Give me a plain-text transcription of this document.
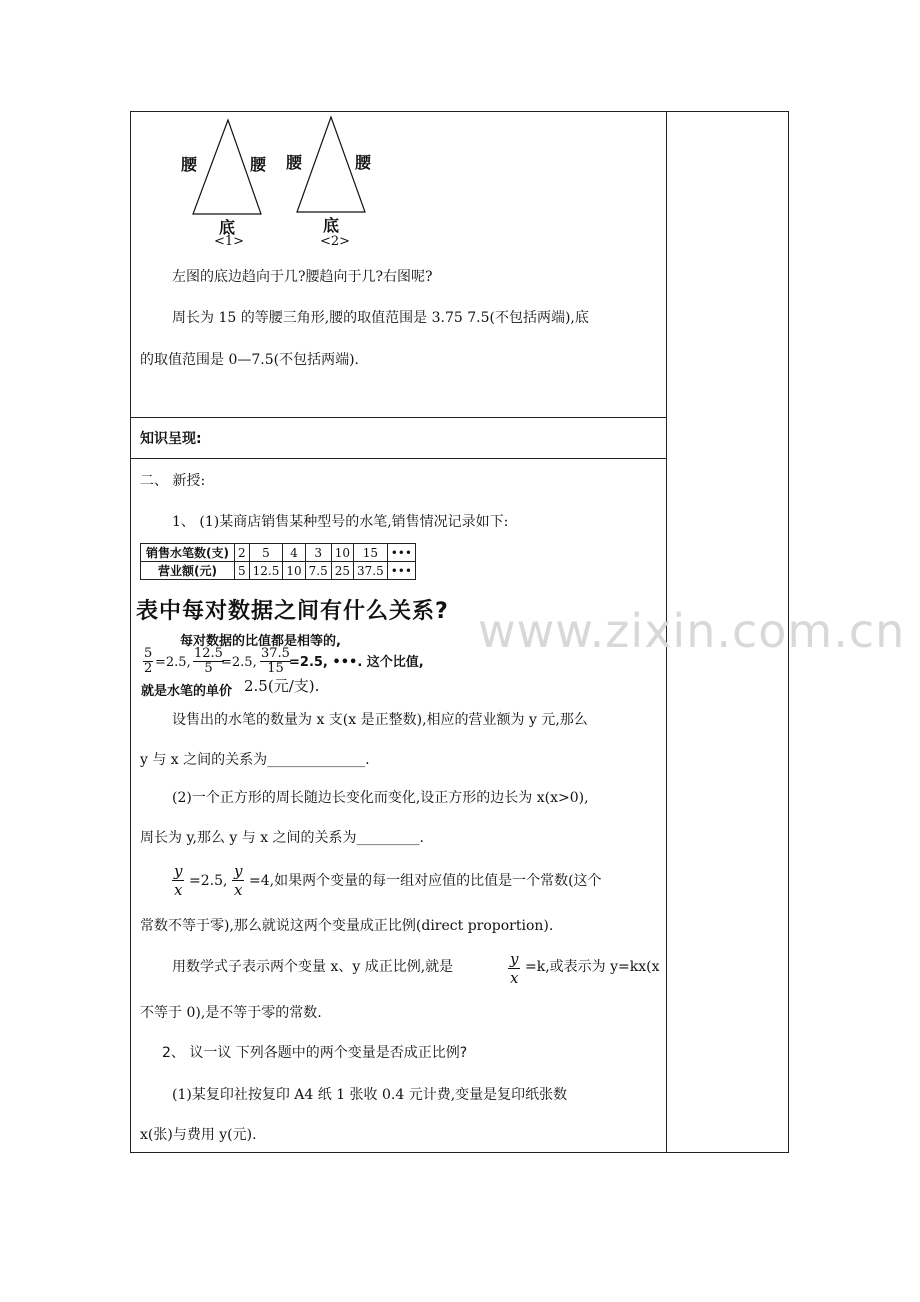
腰	腰
底
<1>
腰	腰
底
<2>
左图的底边趋向于几?腰趋向于几?右图呢?
周长为 15 的等腰三角形,腰的取值范围是 3.75 7.5(不包括两端),底
的取值范围是 0—7.5(不包括两端).
知识呈现:
二、 新授:
1、 (1)某商店销售某种型号的水笔,销售情况记录如下:
销售水笔数(支)	2	5	4	3	10	15	•••
营业额(元)	5	12.5	10	7.5	25	37.5	•••
表中每对数据之间有什么关系? www.zixin.com.cn
每对数据的比值都是相等的,
$\frac{5}{2} =2.5$, $\frac{12.5}{5}$
=2.5, $\frac{37.5}{15}$
=2.5, •••. 这个比值,
就是水笔的单价 2.5(元/支).
设售出的水笔的数量为 x 支(x 是正整数),相应的营业额为 y 元,那么
y 与 x 之间的关系为______________.
(2)一个正方形的周长随边长变化而变化,设正方形的边长为 x(x>0),
周长为 y,那么 y 与 x 之间的关系为_________.
$\frac{y}{x} =2.5$, $\frac{y}{x} =4$,如果两个变量的每一组对应值的比值是一个常数(这个
常数不等于零),那么就说这两个变量成正比例(direct proportion).
用数学式子表示两个变量 x、y 成正比例,就是	$\frac{y}{x} =k$,或表示为 y=kx(x
不等于 0),是不等于零的常数.
2、 议一议 下列各题中的两个变量是否成正比例?
(1)某复印社按复印 A4 纸 1 张收 0.4 元计费,变量是复印纸张数
x(张)与费用 y(元).
